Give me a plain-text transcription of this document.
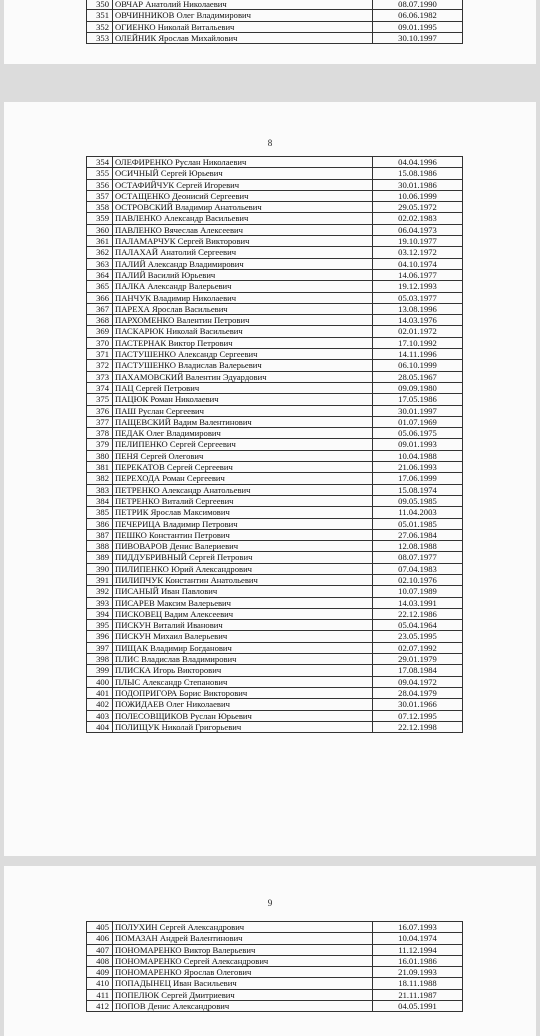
350	ОВЧАР Анатолий Николаевич	08.07.1990
351	ОВЧИННИКОВ Олег Владимирович	06.06.1982
352	ОГИЕНКО Николай Витальевич	09.01.1995
353	ОЛЕЙНИК Ярослав Михайлович	30.10.1997
8
354	ОЛЕФИРЕНКО Руслан Николаевич	04.04.1996
355	ОСИЧНЫЙ Сергей Юрьевич	15.08.1986
356	ОСТАФИЙЧУК Сергей Игоревич	30.01.1986
357	ОСТАЩЕНКО Деонисий Сергеевич	10.06.1999
358	ОСТРОВСКИЙ Владимир Анатольевич	29.05.1972
359	ПАВЛЕНКО Александр Васильевич	02.02.1983
360	ПАВЛЕНКО Вячеслав Алексеевич	06.04.1973
361	ПАЛАМАРЧУК Сергей Викторович	19.10.1977
362	ПАЛАХАЙ Анатолий Сергеевич	03.12.1972
363	ПАЛИЙ Александр Владимирович	04.10.1974
364	ПАЛИЙ Василий Юрьевич	14.06.1977
365	ПАЛКА Александр Валерьевич	19.12.1993
366	ПАНЧУК Владимир Николаевич	05.03.1977
367	ПАРЕХА Ярослав Васильевич	13.08.1996
368	ПАРХОМЕНКО Валентин Петрович	14.03.1976
369	ПАСКАРЮК Николай Васильевич	02.01.1972
370	ПАСТЕРНАК Виктор Петрович	17.10.1992
371	ПАСТУШЕНКО Александр Сергеевич	14.11.1996
372	ПАСТУШЕНКО Владислав Валерьевич	06.10.1999
373	ПАХАМОВСКИЙ Валентин Эдуардович	28.05.1967
374	ПАЦ Сергей Петрович	09.09.1980
375	ПАЦЮК Роман Николаевич	17.05.1986
376	ПАШ Руслан Сергеевич	30.01.1997
377	ПАЩЕВСКИЙ Вадим Валентинович	01.07.1969
378	ПЕДАК Олег Владимирович	05.06.1975
379	ПЕЛИПЕНКО Сергей Сергеевич	09.01.1993
380	ПЕНЯ Сергей Олегович	10.04.1988
381	ПЕРЕКАТОВ Сергей Сергеевич	21.06.1993
382	ПЕРЕХОДА Роман Сергеевич	17.06.1999
383	ПЕТРЕНКО Александр Анатольевич	15.08.1974
384	ПЕТРЕНКО Виталий Сергеевич	09.05.1985
385	ПЕТРИК Ярослав Максимович	11.04.2003
386	ПЕЧЕРИЦА Владимир Петрович	05.01.1985
387	ПЕШКО Константин Петрович	27.06.1984
388	ПИВОВАРОВ Денис Валериевич	12.08.1988
389	ПИДДУБРИВНЫЙ Сергей Петрович	08.07.1977
390	ПИЛИПЕНКО Юрий Александрович	07.04.1983
391	ПИЛИПЧУК Константин Анатольевич	02.10.1976
392	ПИСАНЫЙ Иван Павлович	10.07.1989
393	ПИСАРЕВ Максим Валерьевич	14.03.1991
394	ПИСКОВЕЦ Вадим Алексеевич	22.12.1986
395	ПИСКУН Виталий Иванович	05.04.1964
396	ПИСКУН Михаил Валерьевич	23.05.1995
397	ПИЩАК Владимир Богданович	02.07.1992
398	ПЛИС Владислав Владимирович	29.01.1979
399	ПЛИСКА Игорь Викторович	17.08.1984
400	ПЛЫС Александр Степанович	09.04.1972
401	ПОДОПРИГОРА Борис Викторович	28.04.1979
402	ПОЖИДАЕВ Олег Николаевич	30.01.1966
403	ПОЛЕСОВЩИКОВ Руслан Юрьевич	07.12.1995
404	ПОЛИЩУК Николай Григорьевич	22.12.1998
9
405	ПОЛУХИН Сергей Александрович	16.07.1993
406	ПОМАЗАН Андрей Валентинович	10.04.1974
407	ПОНОМАРЕНКО Виктор Валерьевич	11.12.1994
408	ПОНОМАРЕНКО Сергей Александрович	16.01.1986
409	ПОНОМАРЕНКО Ярослав Олегович	21.09.1993
410	ПОПАДЫНЕЦ Иван Васильевич	18.11.1988
411	ПОПЕЛЮК Сергей Дмитриевич	21.11.1987
412	ПОПОВ Денис Александрович	04.05.1991
